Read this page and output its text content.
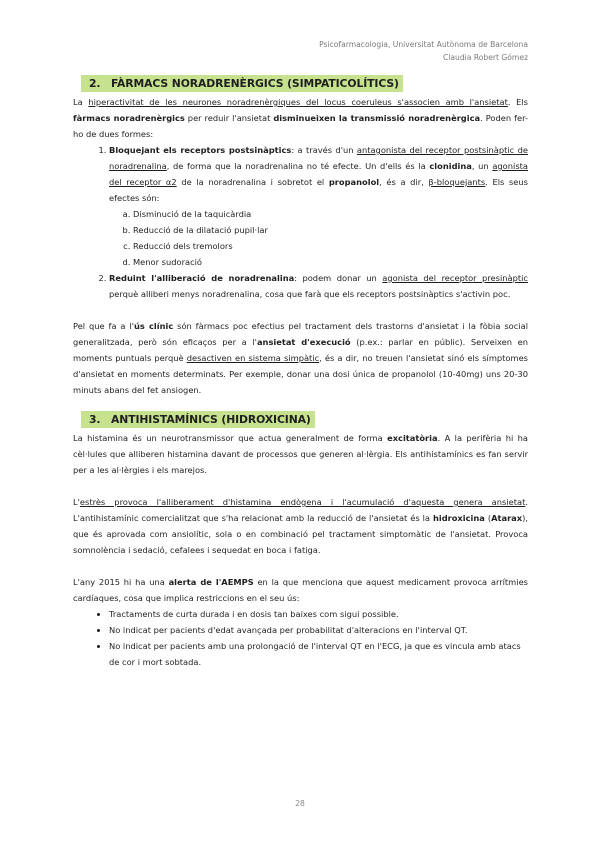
Psicofarmacologia, Universitat Autònoma de Barcelona
Claudia Robert Gómez
2. FÀRMACS NORADRENÈRGICS (SIMPATICOLÍTICS)

La hiperactivitat de les neurones noradrenèrgiques del locus coeruleus s'associen amb l'ansietat. Els fàrmacs noradrenèrgics per reduir l'ansietat disminueixen la transmissió noradrenèrgica. Poden fer-ho de dues formes:

1. Bloquejant els receptors postsinàptics: a través d'un antagonista del receptor postsinàptic de noradrenalina, de forma que la noradrenalina no té efecte. Un d'ells és la clonidina, un agonista del receptor α2 de la noradrenalina i sobretot el propanolol, és a dir, β-bloquejants. Els seus efectes són:
a. Disminució de la taquicàrdia
b. Reducció de la dilatació pupil·lar
c. Reducció dels tremolors
d. Menor sudoració
2. Reduint l'alliberació de noradrenalina: podem donar un agonista del receptor presinàptic perquè alliberi menys noradrenalina, cosa que farà que els receptors postsinàptics s'activin poc.

Pel que fa a l'ús clínic són fàrmacs poc efectius pel tractament dels trastorns d'ansietat i la fòbia social generalitzada, però són eficaços per a l'ansietat d'execució (p.ex.: parlar en públic). Serveixen en moments puntuals perquè desactiven en sistema simpàtic, és a dir, no treuen l'ansietat sinó els símptomes d'ansietat en moments determinats. Per exemple, donar una dosi única de propanolol (10-40mg) uns 20-30 minuts abans del fet ansiogen.

3. ANTIHISTAMÍNICS (HIDROXICINA)

La histamina és un neurotransmissor que actua generalment de forma excitatòria. A la perifèria hi ha cèl·lules que alliberen histamina davant de processos que generen al·lèrgia. Els antihistamínics es fan servir per a les al·lèrgies i els marejos.

L'estrès provoca l'alliberament d'histamina endògena i l'acumulació d'aquesta genera ansietat. L'antihistamínic comercialitzat que s'ha relacionat amb la reducció de l'ansietat és la hidroxicina (Atarax), que és aprovada com ansiolític, sola o en combinació pel tractament simptomàtic de l'ansietat. Provoca somnolència i sedació, cefalees i sequedat en boca i fatiga.

L'any 2015 hi ha una alerta de l'AEMPS en la que menciona que aquest medicament provoca arrítmies cardíaques, cosa que implica restriccions en el seu ús:

• Tractaments de curta durada i en dosis tan baixes com sigui possible.
• No indicat per pacients d'edat avançada per probabilitat d'alteracions en l'interval QT.
• No indicat per pacients amb una prolongació de l'interval QT en l'ECG, ja que es vincula amb atacs de cor i mort sobtada.
28
